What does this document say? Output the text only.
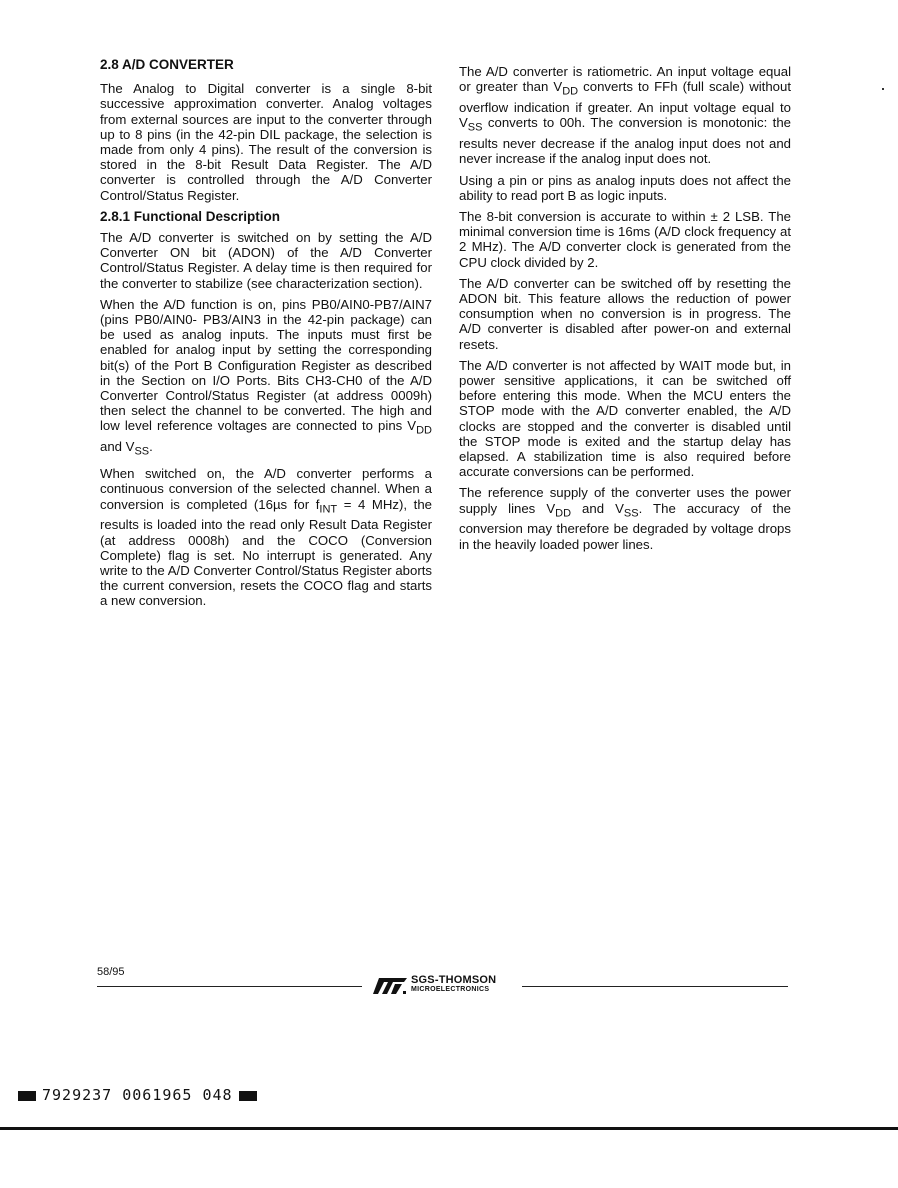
2.8 A/D CONVERTER

The Analog to Digital converter is a single 8-bit successive approximation converter. Analog voltages from external sources are input to the converter through up to 8 pins (in the 42-pin DIL package, the selection is made from only 4 pins). The result of the conversion is stored in the 8-bit Result Data Register. The A/D converter is controlled through the A/D Converter Control/Status Register.

2.8.1 Functional Description

The A/D converter is switched on by setting the A/D Converter ON bit (ADON) of the A/D Converter Control/Status Register. A delay time is then required for the converter to stabilize (see characterization section).

When the A/D function is on, pins PB0/AIN0-PB7/AIN7 (pins PB0/AIN0- PB3/AIN3 in the 42-pin package) can be used as analog inputs. The inputs must first be enabled for analog input by setting the corresponding bit(s) of the Port B Configuration Register as described in the Section on I/O Ports. Bits CH3-CH0 of the A/D Converter Control/Status Register (at address 0009h) then select the channel to be converted. The high and low level reference voltages are connected to pins $V_{DD}$ and $V_{SS}$.

When switched on, the A/D converter performs a continuous conversion of the selected channel. When a conversion is completed (16µs for $f_{INT} = 4$ MHz), the results is loaded into the read only Result Data Register (at address 0008h) and the COCO (Conversion Complete) flag is set. No interrupt is generated. Any write to the A/D Converter Control/Status Register aborts the current conversion, resets the COCO flag and starts a new conversion.

The A/D converter is ratiometric. An input voltage equal or greater than $V_{DD}$ converts to FFh (full scale) without overflow indication if greater. An input voltage equal to $V_{SS}$ converts to 00h. The conversion is monotonic: the results never decrease if the analog input does not and never increase if the analog input does not.

Using a pin or pins as analog inputs does not affect the ability to read port B as logic inputs.

The 8-bit conversion is accurate to within ± 2 LSB. The minimal conversion time is 16ms (A/D clock frequency at 2 MHz). The A/D converter clock is generated from the CPU clock divided by 2.

The A/D converter can be switched off by resetting the ADON bit. This feature allows the reduction of power consumption when no conversion is in progress. The A/D converter is disabled after power-on and external resets.

The A/D converter is not affected by WAIT mode but, in power sensitive applications, it can be switched off before entering this mode. When the MCU enters the STOP mode with the A/D converter enabled, the A/D clocks are stopped and the converter is disabled until the STOP mode is exited and the startup delay has elapsed. A stabilization time is also required before accurate conversions can be performed.

The reference supply of the converter uses the power supply lines $V_{DD}$ and $V_{SS}$. The accuracy of the conversion may therefore be degraded by voltage drops in the heavily loaded power lines.

58/95
SGS-THOMSON
MICROELECTRONICS
7929237 0061965 048
